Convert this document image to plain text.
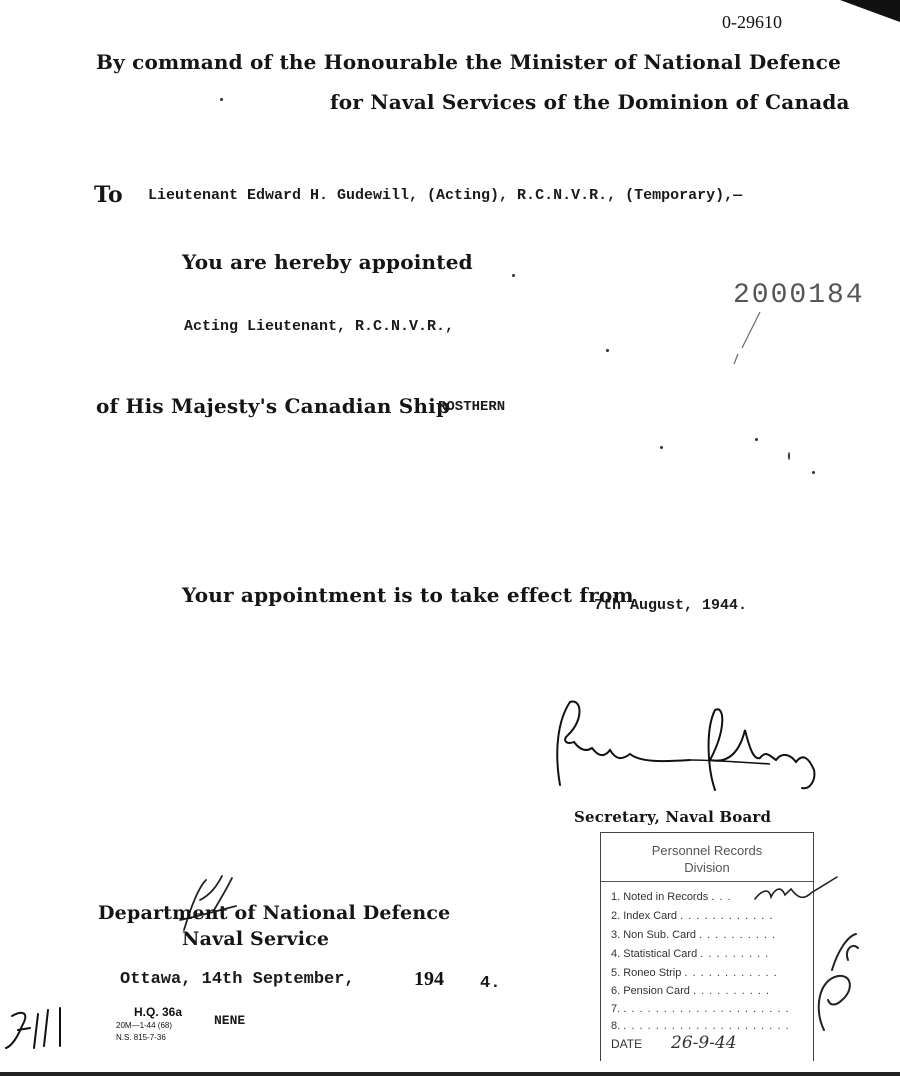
0-29610
By command of the Honourable the Minister of National Defence
for Naval Services of the Dominion of Canada
To Lieutenant Edward H. Gudewill, (Acting), R.C.N.V.R., (Temporary),—
You are hereby appointed
2000184
Acting Lieutenant, R.C.N.V.R.,
of His Majesty's Canadian Ship
ROSTHERN
Your appointment is to take effect from
7th August, 1944.
Secretary, Naval Board
Department of National Defence
Naval Service
Ottawa, 14th September,	194 4.
H.Q. 36a
20M—1-44 (68)
N.S. 815-7-36
NENE
Personnel Records
Division
1. Noted in Records . . .
2. Index Card . . . . . . . . . . . .
3. Non Sub. Card . . . . . . . . . .
4. Statistical Card . . . . . . . . .
5. Roneo Strip . . . . . . . . . . . .
6. Pension Card . . . . . . . . . .
7. . . . . . . . . . . . . . . . . . . . . .
8. . . . . . . . . . . . . . . . . . . . . .
DATE 26-9-44
